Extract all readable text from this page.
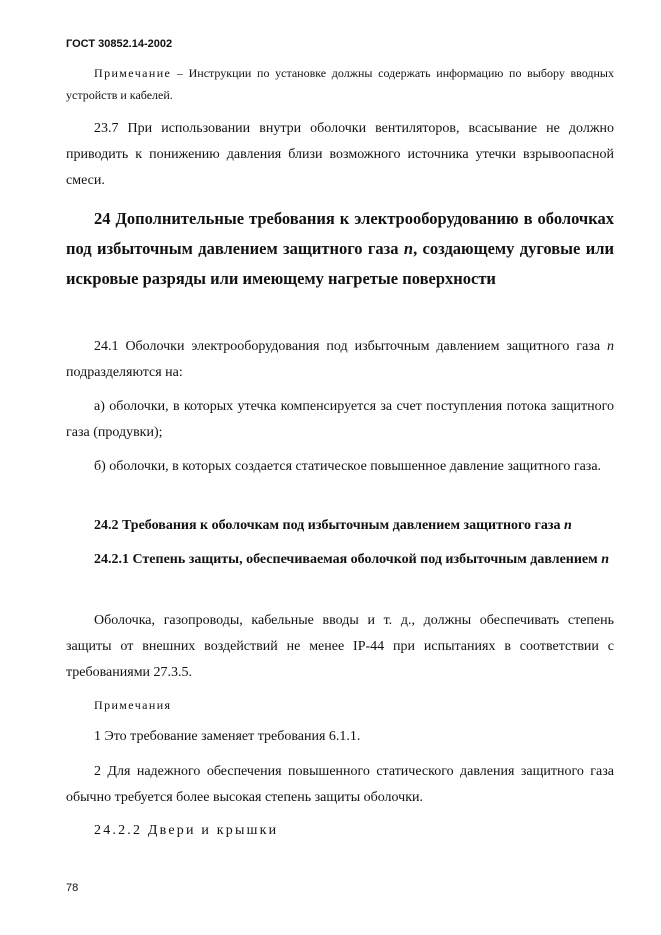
ГОСТ 30852.14-2002

Примечание – Инструкции по установке должны содержать информацию по выбору вводных устройств и кабелей.

23.7 При использовании внутри оболочки вентиляторов, всасывание не должно приводить к понижению давления близи возможного источника утечки взрывоопасной смеси.

24 Дополнительные требования к электрооборудованию в оболочках под избыточным давлением защитного газа п, создающему дуговые или искровые разряды или имеющему нагретые поверхности

24.1 Оболочки электрооборудования под избыточным давлением защитного газа п подразделяются на:

а) оболочки, в которых утечка компенсируется за счет поступления потока защитного газа (продувки);

б) оболочки, в которых создается статическое повышенное давление защитного газа.

24.2 Требования к оболочкам под избыточным давлением защитного газа п

24.2.1 Степень защиты, обеспечиваемая оболочкой под избыточным давлением п

Оболочка, газопроводы, кабельные вводы и т. д., должны обеспечивать степень защиты от внешних воздействий не менее IP-44 при испытаниях в соответствии с требованиями 27.3.5.

Примечания

1 Это требование заменяет требования 6.1.1.

2 Для надежного обеспечения повышенного статического давления защитного газа обычно требуется более высокая степень защиты оболочки.

24.2.2 Двери и крышки

78
